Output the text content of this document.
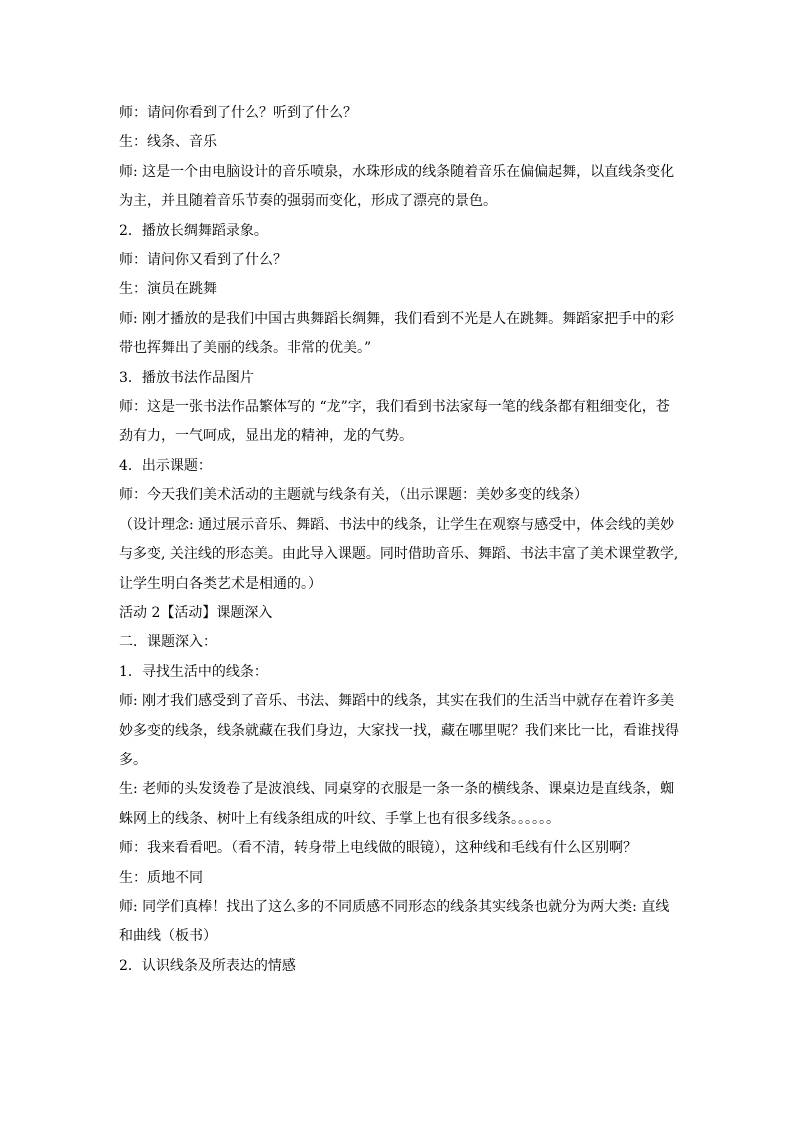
师：请问你看到了什么？听到了什么？

生：线条、音乐

师: 这是一个由电脑设计的音乐喷泉，水珠形成的线条随着音乐在偏偏起舞，以直线条变化

为主，并且随着音乐节奏的强弱而变化，形成了漂亮的景色。

2．播放长绸舞蹈录象。

师：请问你又看到了什么？

生：演员在跳舞

师: 刚才播放的是我们中国古典舞蹈长绸舞，我们看到不光是人在跳舞。舞蹈家把手中的彩

带也挥舞出了美丽的线条。非常的优美。”

3．播放书法作品图片

师：这是一张书法作品繁体写的 “龙”字，我们看到书法家每一笔的线条都有粗细变化，苍

劲有力，一气呵成，显出龙的精神，龙的气势。

4．出示课题：

师：今天我们美术活动的主题就与线条有关，（出示课题：美妙多变的线条）

（设计理念: 通过展示音乐、舞蹈、书法中的线条，让学生在观察与感受中，体会线的美妙

与多变, 关注线的形态美。由此导入课题。同时借助音乐、舞蹈、书法丰富了美术课堂教学,

让学生明白各类艺术是相通的。）

活动 2【活动】课题深入

二．课题深入：

1．寻找生活中的线条：

师: 刚才我们感受到了音乐、书法、舞蹈中的线条，其实在我们的生活当中就存在着许多美

妙多变的线条，线条就藏在我们身边，大家找一找，藏在哪里呢？我们来比一比，看谁找得

多。

生: 老师的头发烫卷了是波浪线、同桌穿的衣服是一条一条的横线条、课桌边是直线条，蜘

蛛网上的线条、树叶上有线条组成的叶纹、手掌上也有很多线条。。。。。。

师：我来看看吧。（看不清，转身带上电线做的眼镜），这种线和毛线有什么区别啊？

生：质地不同

师: 同学们真棒！找出了这么多的不同质感不同形态的线条其实线条也就分为两大类: 直线

和曲线（板书）

2．认识线条及所表达的情感
